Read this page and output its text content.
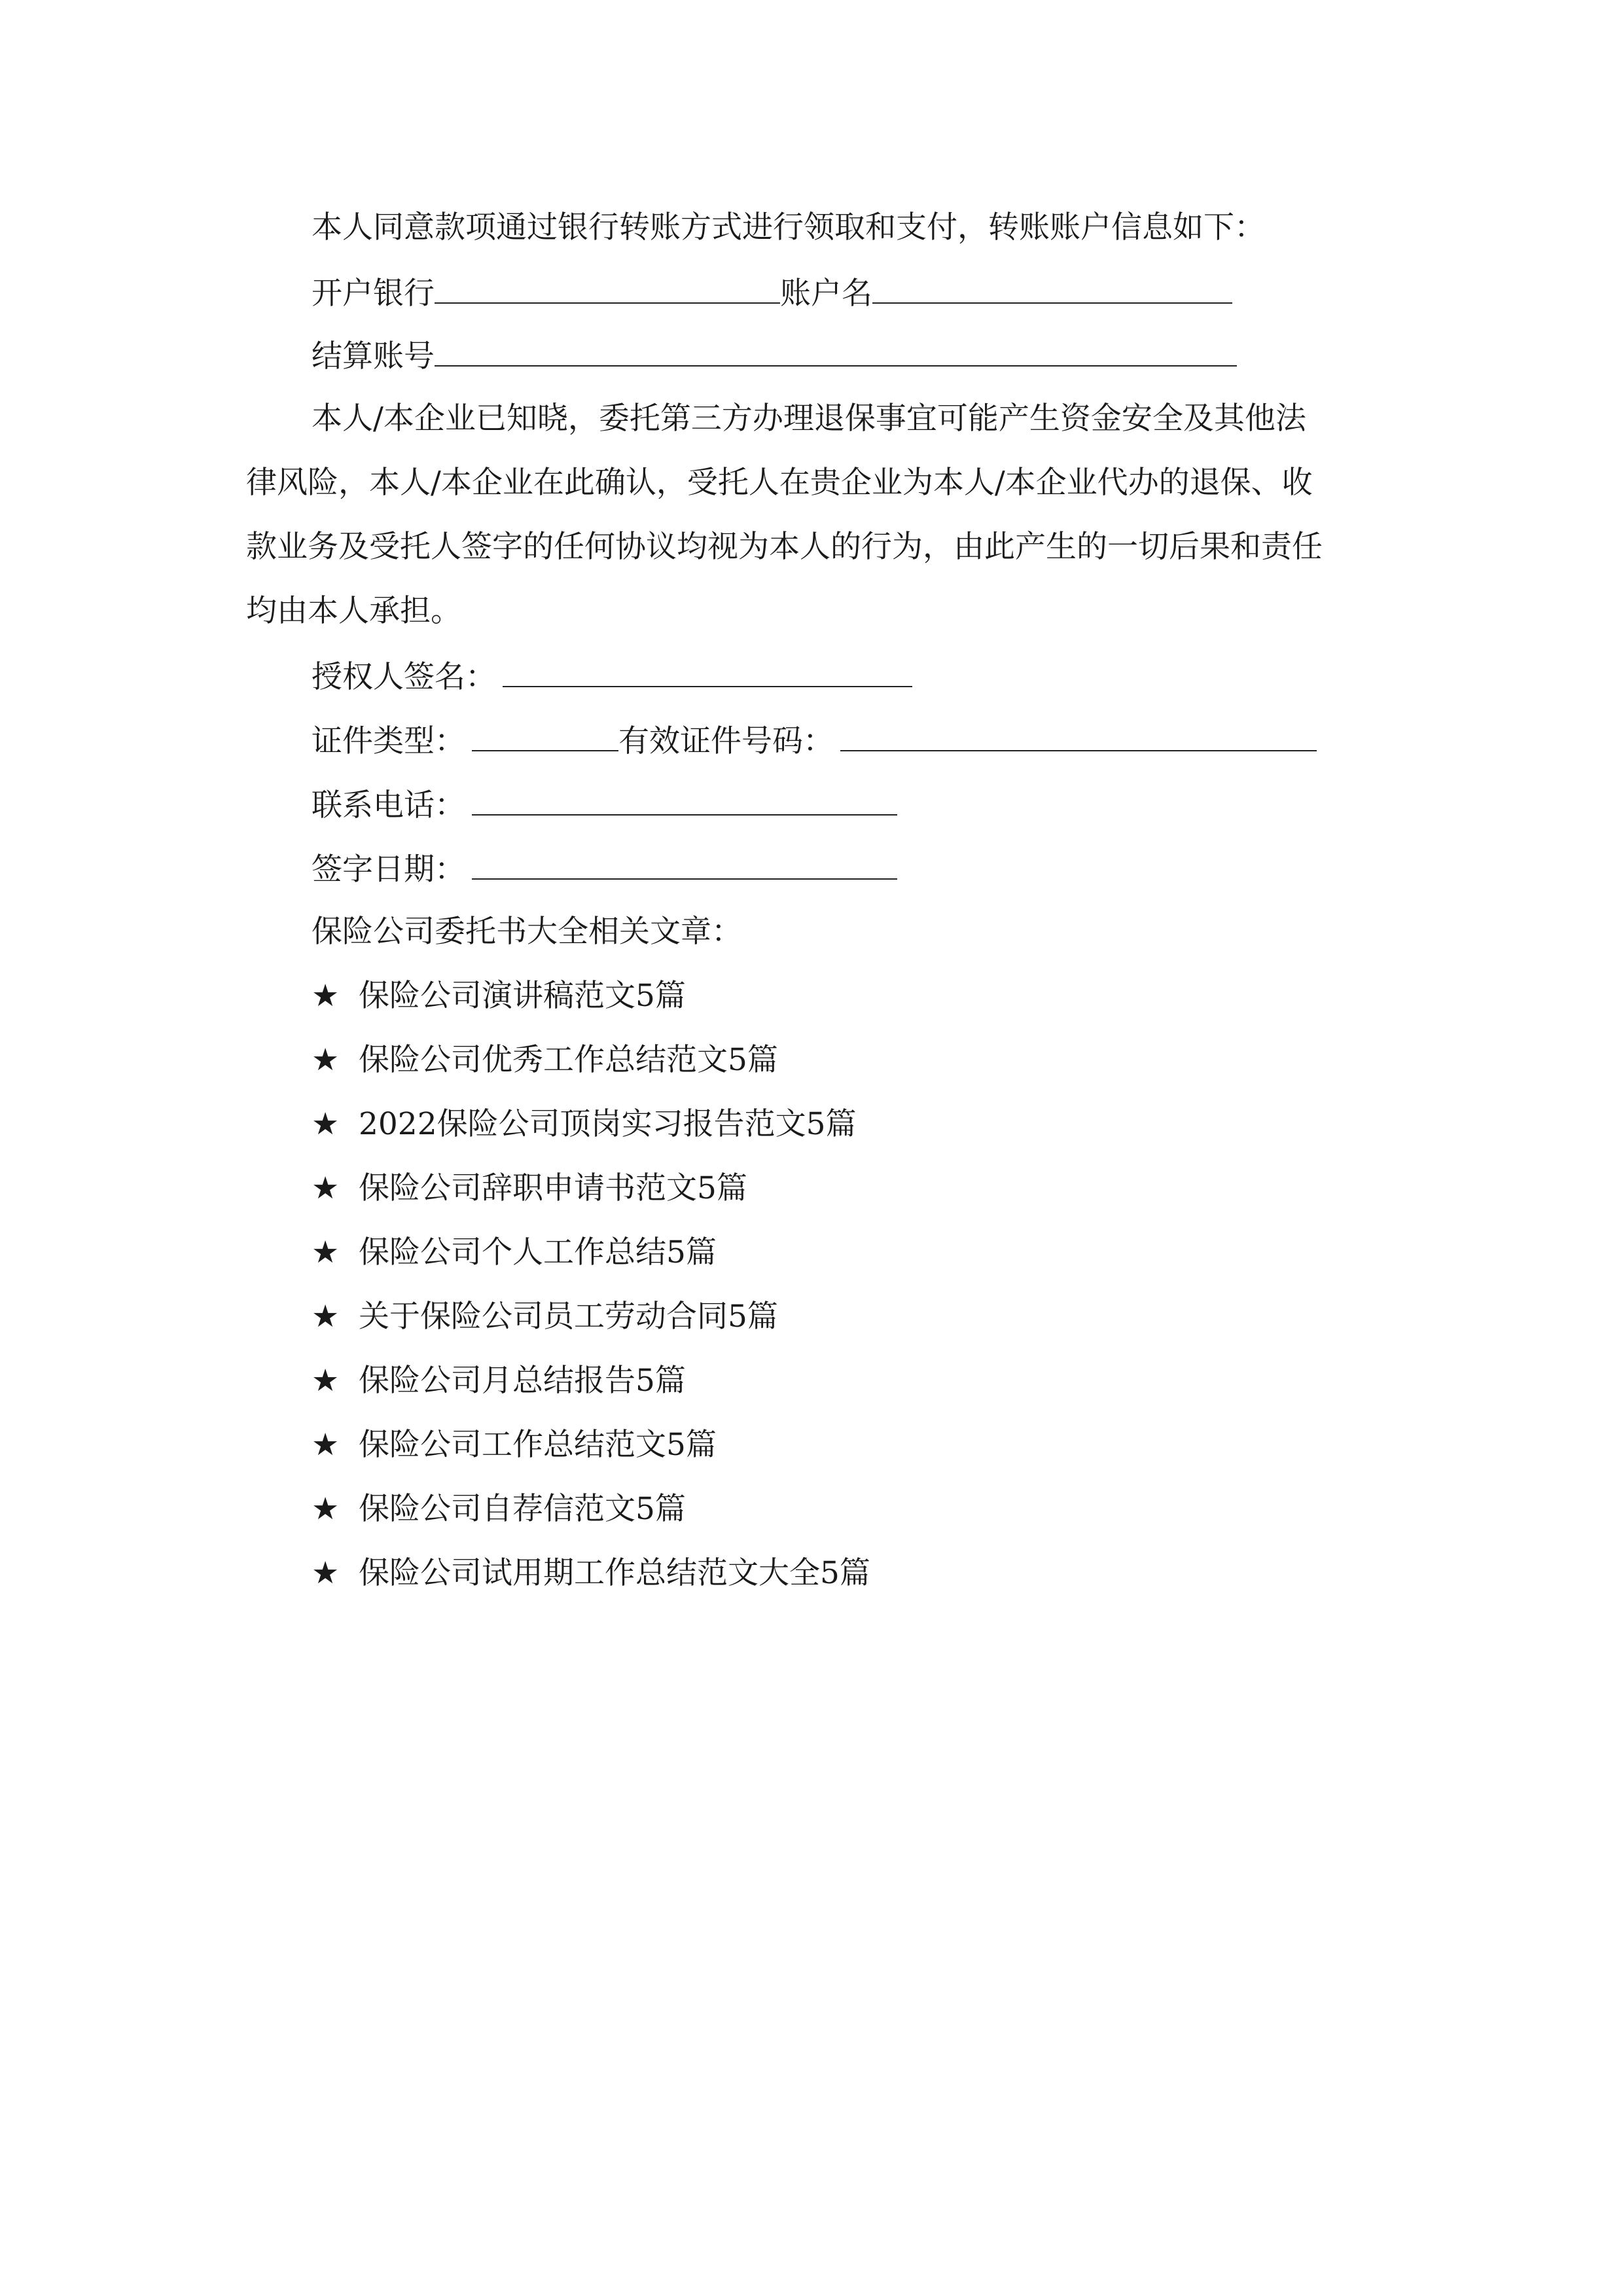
本人同意款项通过银行转账方式进行领取和支付，转账账户信息如下：
开户银行	账户名
结算账号
本人/本企业已知晓，委托第三方办理退保事宜可能产生资金安全及其他法
律风险，本人/本企业在此确认，受托人在贵企业为本人/本企业代办的退保、收
款业务及受托人签字的任何协议均视为本人的行为，由此产生的一切后果和责任
均由本人承担。
授权人签名：
证件类型：	有效证件号码：
联系电话：
签字日期：
保险公司委托书大全相关文章：
★ 保险公司演讲稿范文5篇
★ 保险公司优秀工作总结范文5篇
★ 2022保险公司顶岗实习报告范文5篇
★ 保险公司辞职申请书范文5篇
★ 保险公司个人工作总结5篇
★ 关于保险公司员工劳动合同5篇
★ 保险公司月总结报告5篇
★ 保险公司工作总结范文5篇
★ 保险公司自荐信范文5篇
★ 保险公司试用期工作总结范文大全5篇
